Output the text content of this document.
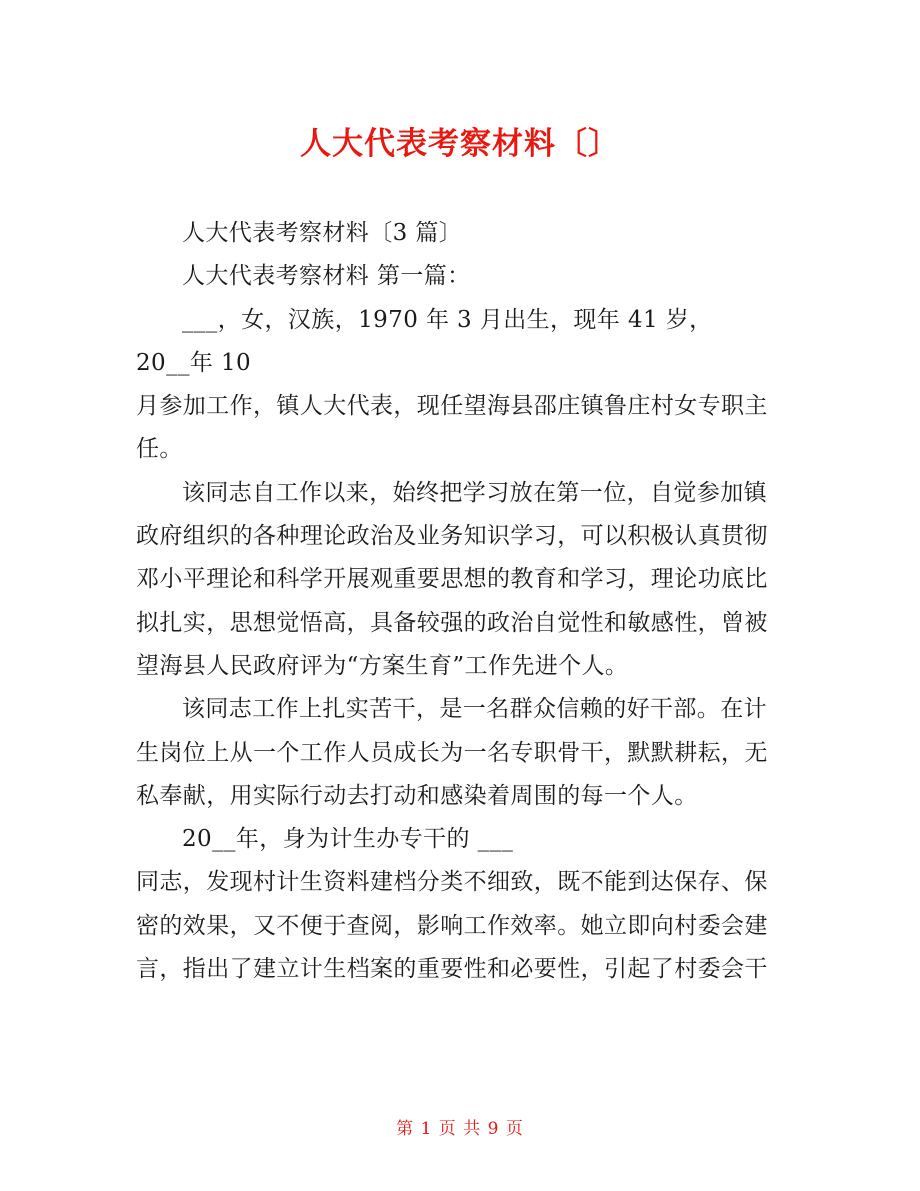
人大代表考察材料〔〕

人大代表考察材料〔3 篇〕

人大代表考察材料 第一篇：

___，女，汉族，1970 年 3 月出生，现年 41 岁，

20__年 10

月参加工作，镇人大代表，现任望海县邵庄镇鲁庄村女专职主任。

该同志自工作以来，始终把学习放在第一位，自觉参加镇政府组织的各种理论政治及业务知识学习，可以积极认真贯彻邓小平理论和科学开展观重要思想的教育和学习，理论功底比拟扎实，思想觉悟高，具备较强的政治自觉性和敏感性，曾被望海县人民政府评为“方案生育”工作先进个人。

该同志工作上扎实苦干，是一名群众信赖的好干部。在计生岗位上从一个工作人员成长为一名专职骨干，默默耕耘，无私奉献，用实际行动去打动和感染着周围的每一个人。

20__年，身为计生办专干的 ___

同志，发现村计生资料建档分类不细致，既不能到达保存、保密的效果，又不便于查阅，影响工作效率。她立即向村委会建言，指出了建立计生档案的重要性和必要性，引起了村委会干

第 1 页 共 9 页
